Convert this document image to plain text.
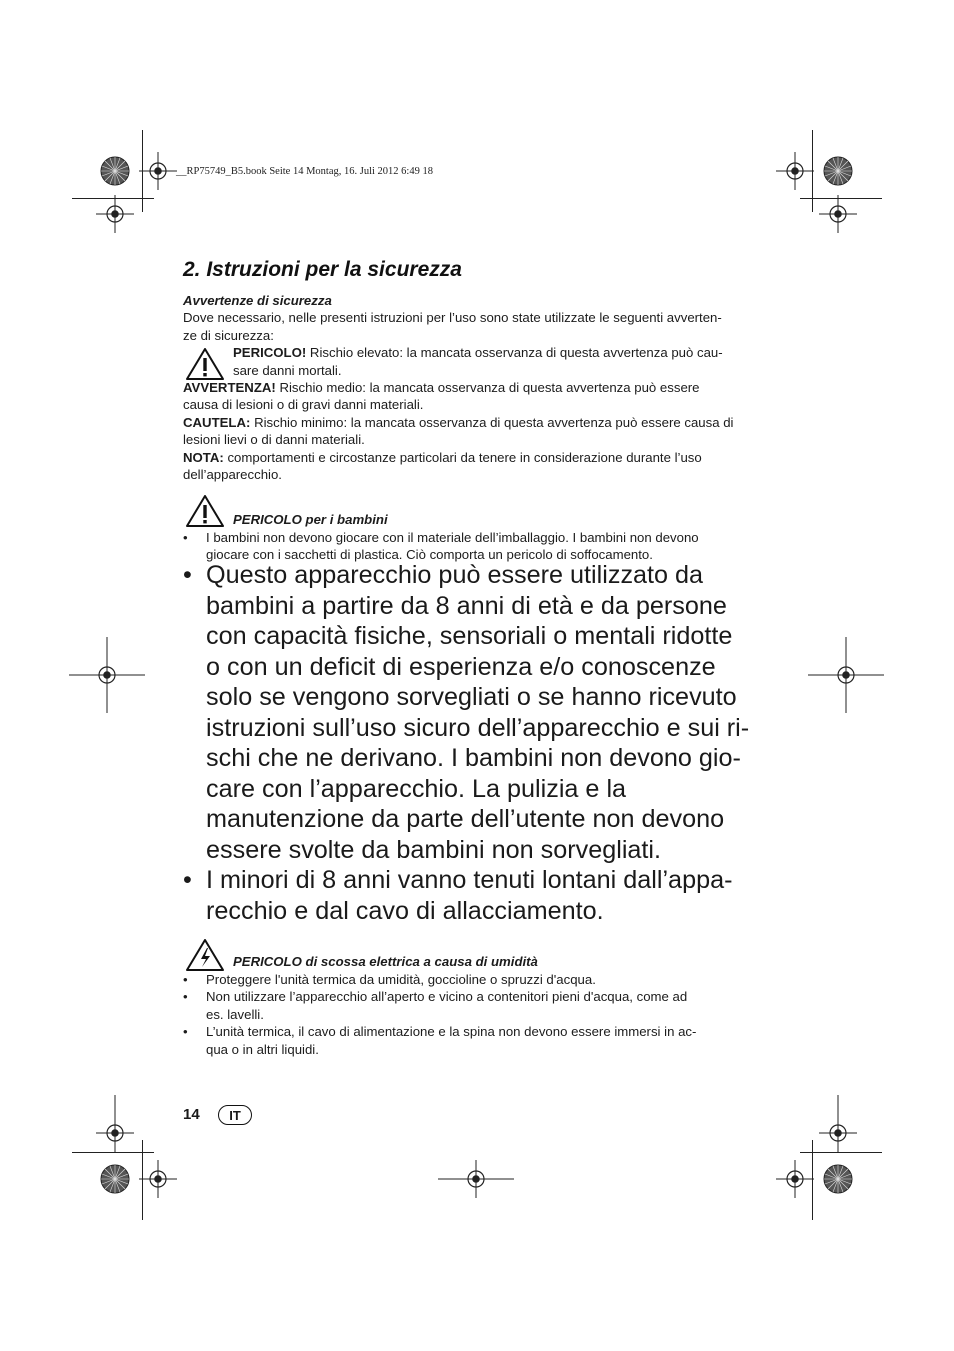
__RP75749_B5.book Seite 14 Montag, 16. Juli 2012 6:49 18
2. Istruzioni per la sicurezza
Avvertenze di sicurezza
Dove necessario, nelle presenti istruzioni per l’uso sono state utilizzate le seguenti avverten-
ze di sicurezza:
PERICOLO! Rischio elevato: la mancata osservanza di questa avvertenza può cau-
sare danni mortali.
AVVERTENZA! Rischio medio: la mancata osservanza di questa avvertenza può essere
causa di lesioni o di gravi danni materiali.
CAUTELA: Rischio minimo: la mancata osservanza di questa avvertenza può essere causa di
lesioni lievi o di danni materiali.
NOTA: comportamenti e circostanze particolari da tenere in considerazione durante l’uso
dell’apparecchio.
PERICOLO per i bambini
• I bambini non devono giocare con il materiale dell’imballaggio. I bambini non devono
giocare con i sacchetti di plastica. Ciò comporta un pericolo di soffocamento.
• Questo apparecchio può essere utilizzato da
bambini a partire da 8 anni di età e da persone
con capacità fisiche, sensoriali o mentali ridotte
o con un deficit di esperienza e/o conoscenze
solo se vengono sorvegliati o se hanno ricevuto
istruzioni sull’uso sicuro dell’apparecchio e sui ri-
schi che ne derivano. I bambini non devono gio-
care con l’apparecchio. La pulizia e la
manutenzione da parte dell’utente non devono
essere svolte da bambini non sorvegliati.
• I minori di 8 anni vanno tenuti lontani dall’appa-
recchio e dal cavo di allacciamento.
PERICOLO di scossa elettrica a causa di umidità
• Proteggere l'unità termica da umidità, goccioline o spruzzi d'acqua.
• Non utilizzare l’apparecchio all’aperto e vicino a contenitori pieni d'acqua, come ad
es. lavelli.
• L’unità termica, il cavo di alimentazione e la spina non devono essere immersi in ac-
qua o in altri liquidi.
14	IT
